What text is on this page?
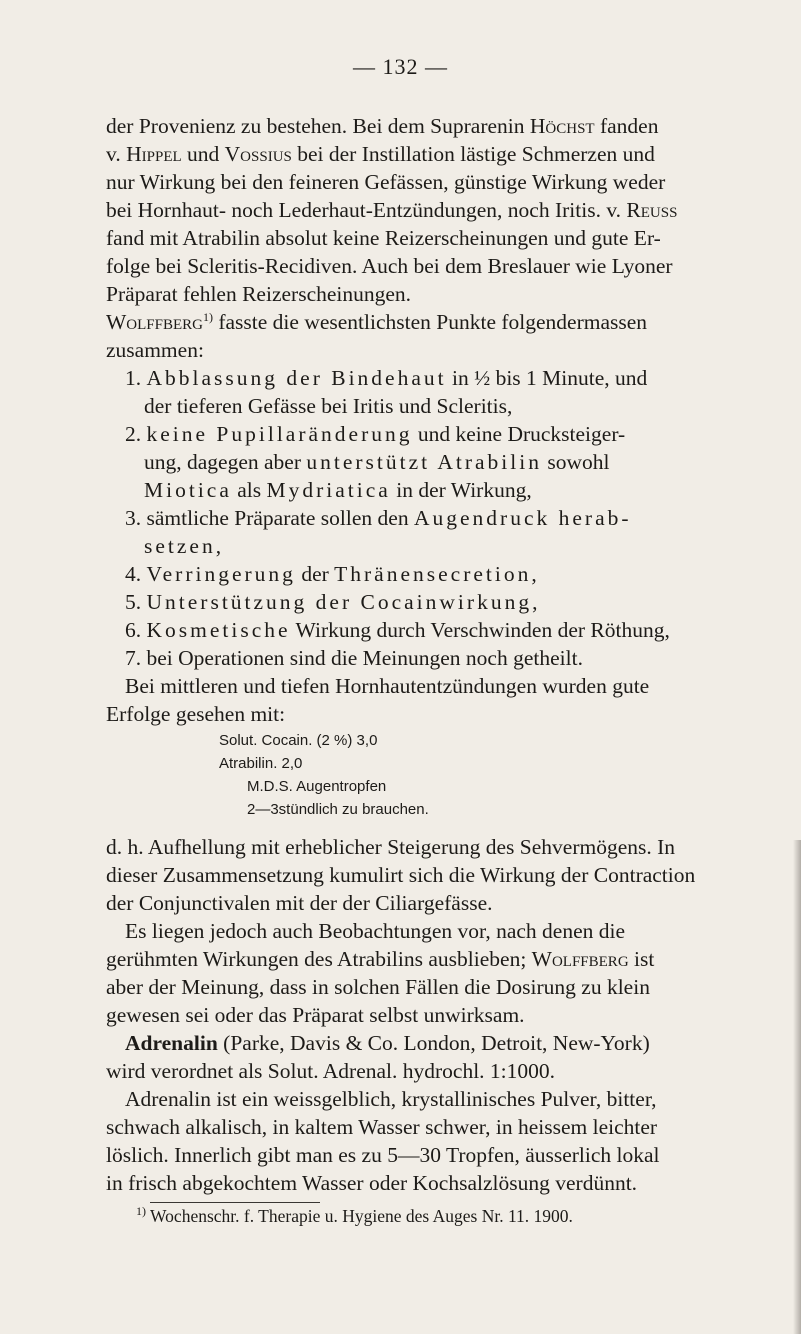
— 132 —
der Provenienz zu bestehen. Bei dem Suprarenin Höchst fanden
v. Hippel und Vossius bei der Instillation lästige Schmerzen und
nur Wirkung bei den feineren Gefässen, günstige Wirkung weder
bei Hornhaut- noch Lederhaut-Entzündungen, noch Iritis. v. Reuss
fand mit Atrabilin absolut keine Reizerscheinungen und gute Er-
folge bei Scleritis-Recidiven. Auch bei dem Breslauer wie Lyoner
Präparat fehlen Reizerscheinungen.
Wolffberg$^{1)}$ fasste die wesentlichsten Punkte folgendermassen
zusammen:
1. Abblassung der Bindehaut in ½ bis 1 Minute, und
der tieferen Gefässe bei Iritis und Scleritis,
2. keine Pupillaränderung und keine Drucksteiger-
ung, dagegen aber unterstützt Atrabilin sowohl
Miotica als Mydriatica in der Wirkung,
3. sämtliche Präparate sollen den Augendruck herab-
setzen,
4. Verringerung der Thränensecretion,
5. Unterstützung der Cocainwirkung,
6. Kosmetische Wirkung durch Verschwinden der Röthung,
7. bei Operationen sind die Meinungen noch getheilt.
Bei mittleren und tiefen Hornhautentzündungen wurden gute
Erfolge gesehen mit:
Solut. Cocain. (2 %) 3,0
Atrabilin. 2,0
M.D.S. Augentropfen
2—3stündlich zu brauchen.
d. h. Aufhellung mit erheblicher Steigerung des Sehvermögens. In
dieser Zusammensetzung kumulirt sich die Wirkung der Contraction
der Conjunctivalen mit der der Ciliargefässe.
Es liegen jedoch auch Beobachtungen vor, nach denen die
gerühmten Wirkungen des Atrabilins ausblieben; Wolffberg ist
aber der Meinung, dass in solchen Fällen die Dosirung zu klein
gewesen sei oder das Präparat selbst unwirksam.
Adrenalin (Parke, Davis & Co. London, Detroit, New-York)
wird verordnet als Solut. Adrenal. hydrochl. 1:1000.
Adrenalin ist ein weissgelblich, krystallinisches Pulver, bitter,
schwach alkalisch, in kaltem Wasser schwer, in heissem leichter
löslich. Innerlich gibt man es zu 5—30 Tropfen, äusserlich lokal
in frisch abgekochtem Wasser oder Kochsalzlösung verdünnt.
$^{1)}$ Wochenschr. f. Therapie u. Hygiene des Auges Nr. 11. 1900.
